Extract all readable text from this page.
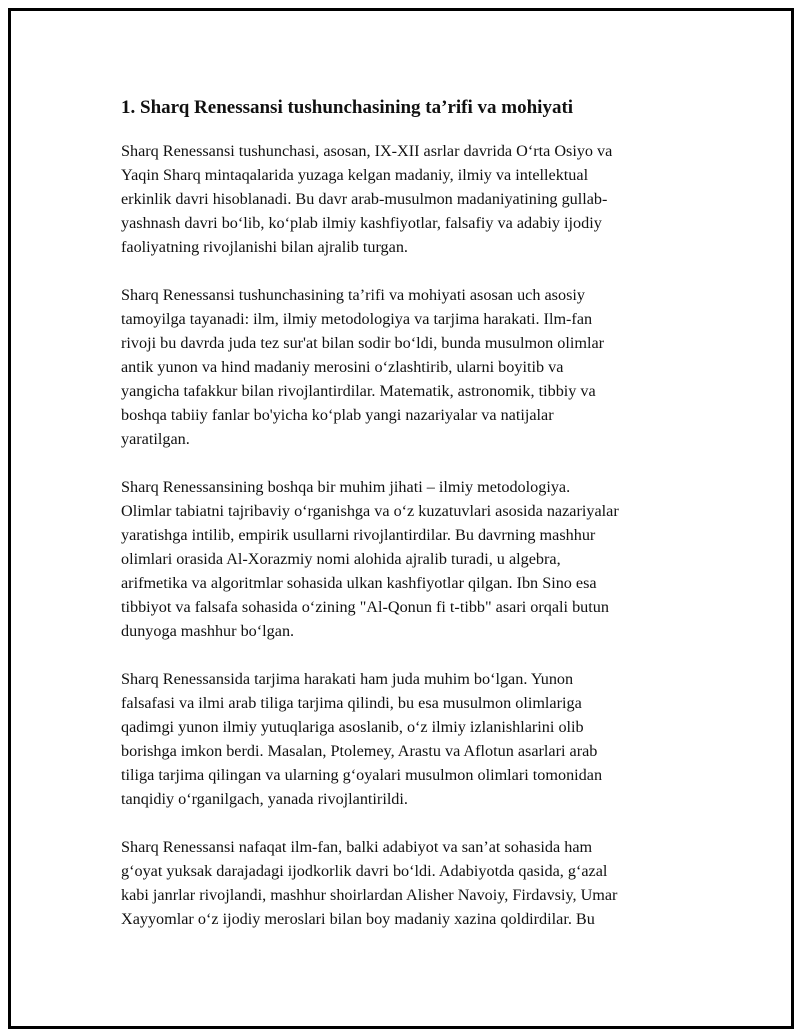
1. Sharq Renessansi tushunchasining ta’rifi va mohiyati

Sharq Renessansi tushunchasi, asosan, IX-XII asrlar davrida O‘rta Osiyo va
Yaqin Sharq mintaqalarida yuzaga kelgan madaniy, ilmiy va intellektual
erkinlik davri hisoblanadi. Bu davr arab-musulmon madaniyatining gullab-
yashnash davri bo‘lib, ko‘plab ilmiy kashfiyotlar, falsafiy va adabiy ijodiy
faoliyatning rivojlanishi bilan ajralib turgan.

Sharq Renessansi tushunchasining ta’rifi va mohiyati asosan uch asosiy
tamoyilga tayanadi: ilm, ilmiy metodologiya va tarjima harakati. Ilm-fan
rivoji bu davrda juda tez sur'at bilan sodir bo‘ldi, bunda musulmon olimlar
antik yunon va hind madaniy merosini o‘zlashtirib, ularni boyitib va
yangicha tafakkur bilan rivojlantirdilar. Matematik, astronomik, tibbiy va
boshqa tabiiy fanlar bo'yicha ko‘plab yangi nazariyalar va natijalar
yaratilgan.

Sharq Renessansining boshqa bir muhim jihati – ilmiy metodologiya.
Olimlar tabiatni tajribaviy o‘rganishga va o‘z kuzatuvlari asosida nazariyalar
yaratishga intilib, empirik usullarni rivojlantirdilar. Bu davrning mashhur
olimlari orasida Al-Xorazmiy nomi alohida ajralib turadi, u algebra,
arifmetika va algoritmlar sohasida ulkan kashfiyotlar qilgan. Ibn Sino esa
tibbiyot va falsafa sohasida o‘zining "Al-Qonun fi t-tibb" asari orqali butun
dunyoga mashhur bo‘lgan.

Sharq Renessansida tarjima harakati ham juda muhim bo‘lgan. Yunon
falsafasi va ilmi arab tiliga tarjima qilindi, bu esa musulmon olimlariga
qadimgi yunon ilmiy yutuqlariga asoslanib, o‘z ilmiy izlanishlarini olib
borishga imkon berdi. Masalan, Ptolemey, Arastu va Aflotun asarlari arab
tiliga tarjima qilingan va ularning g‘oyalari musulmon olimlari tomonidan
tanqidiy o‘rganilgach, yanada rivojlantirildi.

Sharq Renessansi nafaqat ilm-fan, balki adabiyot va san’at sohasida ham
g‘oyat yuksak darajadagi ijodkorlik davri bo‘ldi. Adabiyotda qasida, g‘azal
kabi janrlar rivojlandi, mashhur shoirlardan Alisher Navoiy, Firdavsiy, Umar
Xayyomlar o‘z ijodiy meroslari bilan boy madaniy xazina qoldirdilar. Bu
